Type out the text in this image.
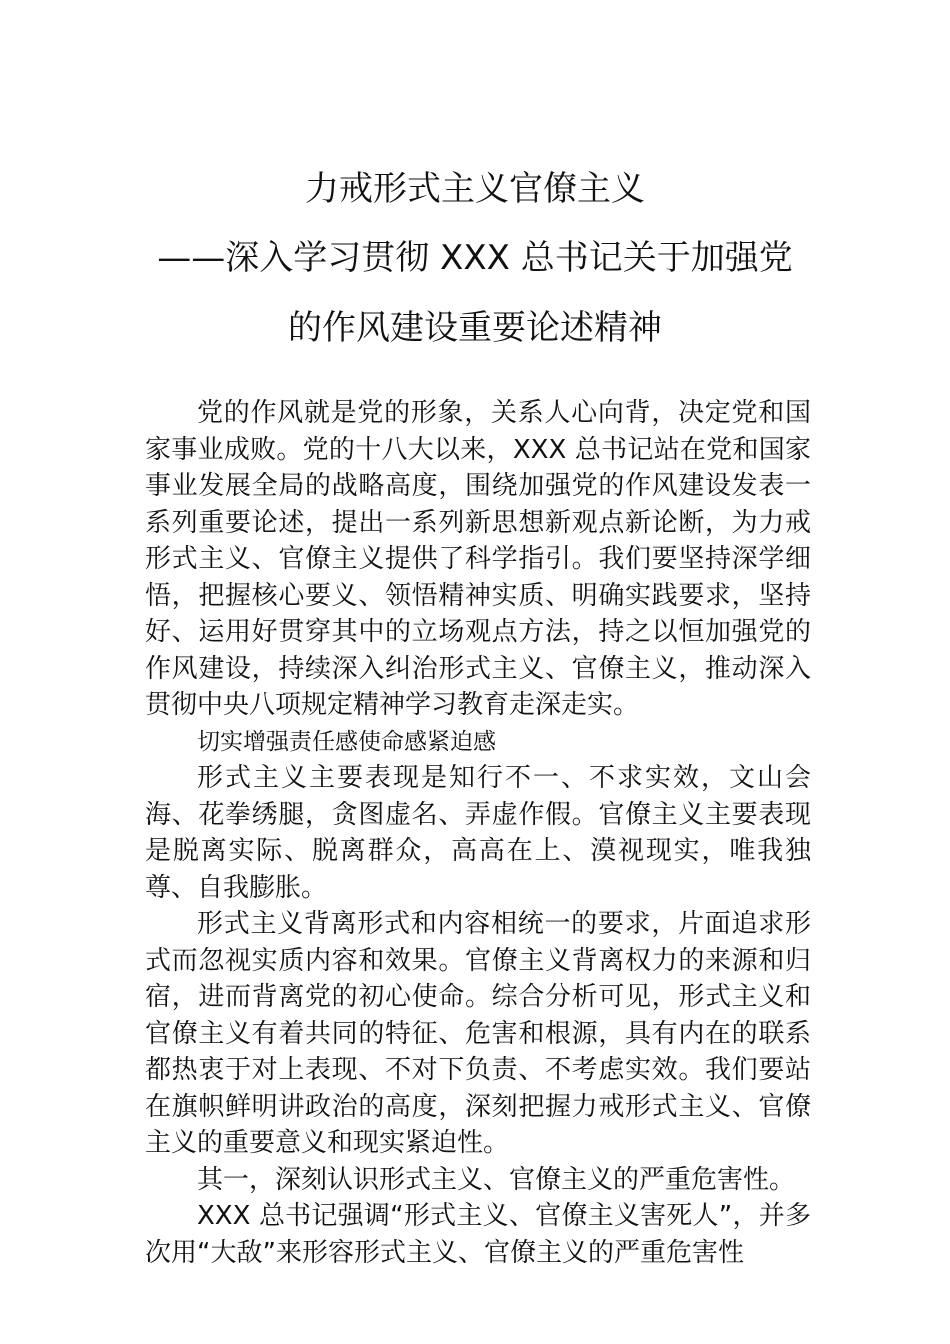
力戒形式主义官僚主义
——深入学习贯彻 XXX 总书记关于加强党
的作风建设重要论述精神

党的作风就是党的形象，关系人心向背，决定党和国家事业成败。党的十八大以来，XXX 总书记站在党和国家事业发展全局的战略高度，围绕加强党的作风建设发表一系列重要论述，提出一系列新思想新观点新论断，为力戒形式主义、官僚主义提供了科学指引。我们要坚持深学细悟，把握核心要义、领悟精神实质、明确实践要求，坚持好、运用好贯穿其中的立场观点方法，持之以恒加强党的作风建设，持续深入纠治形式主义、官僚主义，推动深入贯彻中央八项规定精神学习教育走深走实。

切实增强责任感使命感紧迫感

形式主义主要表现是知行不一、不求实效，文山会海、花拳绣腿，贪图虚名、弄虚作假。官僚主义主要表现是脱离实际、脱离群众，高高在上、漠视现实，唯我独尊、自我膨胀。

形式主义背离形式和内容相统一的要求，片面追求形式而忽视实质内容和效果。官僚主义背离权力的来源和归宿，进而背离党的初心使命。综合分析可见，形式主义和官僚主义有着共同的特征、危害和根源，具有内在的联系都热衷于对上表现、不对下负责、不考虑实效。我们要站在旗帜鲜明讲政治的高度，深刻把握力戒形式主义、官僚主义的重要意义和现实紧迫性。

其一，深刻认识形式主义、官僚主义的严重危害性。

XXX 总书记强调“形式主义、官僚主义害死人”，并多次用“大敌”来形容形式主义、官僚主义的严重危害性
